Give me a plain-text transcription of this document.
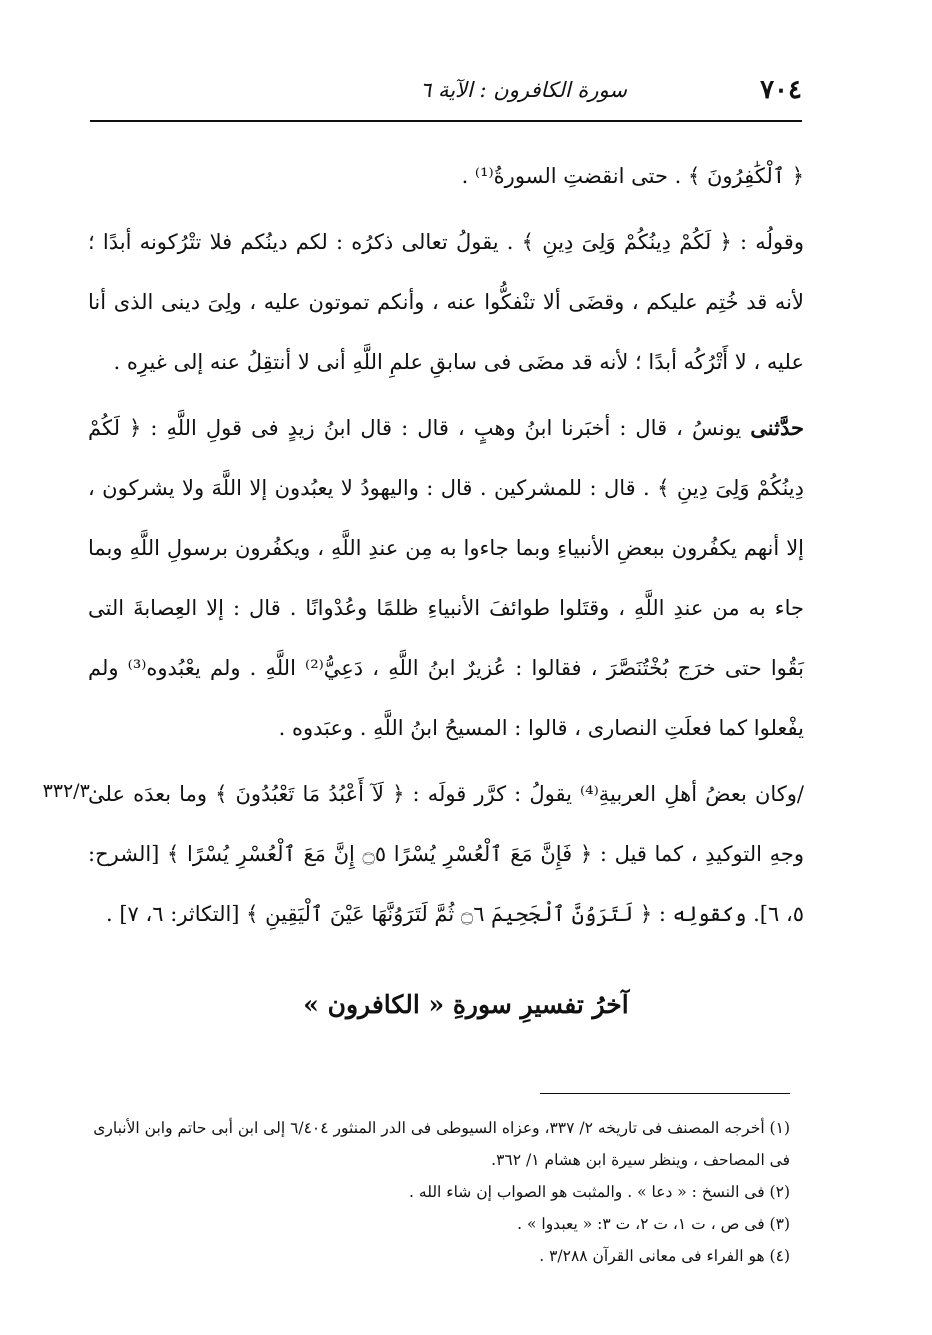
٧٠٤
سورة الكافرون : الآية ٦

﴿ ٱلْكَٰفِرُونَ ﴾ . حتى انقضتِ السورةُ⁽¹⁾ .

وقولُه : ﴿ لَكُمْ دِينُكُمْ وَلِىَ دِينِ ﴾ . يقولُ تعالى ذكرُه : لكم دينُكم فلا تتْرُكونه أبدًا ؛ لأنه قد خُتِم عليكم ، وقضَى ألا تنْفكُّوا عنه ، وأنكم تموتون عليه ، ولِىَ دينى الذى أنا عليه ، لا أَتْرُكُه أبدًا ؛ لأنه قد مضَى فى سابقِ علمِ اللَّهِ أنى لا أنتقِلُ عنه إلى غيرِه .

حدَّثنى يونسُ ، قال : أخبَرنا ابنُ وهبٍ ، قال : قال ابنُ زيدٍ فى قولِ اللَّهِ : ﴿ لَكُمْ دِينُكُمْ وَلِىَ دِينِ ﴾ . قال : للمشركين . قال : واليهودُ لا يعبُدون إلا اللَّهَ ولا يشركون ، إلا أنهم يكفُرون ببعضِ الأنبياءِ وبما جاءوا به مِن عندِ اللَّهِ ، ويكفُرون برسولِ اللَّهِ وبما جاء به من عندِ اللَّهِ ، وقتَلوا طوائفَ الأنبياءِ ظلمًا وعُدْوانًا . قال : إلا العِصابةَ التى بَقُوا حتى خرَج بُخْتُنَصَّرَ ، فقالوا : عُزيرٌ ابنُ اللَّهِ ، دَعِيُّ⁽²⁾ اللَّهِ . ولم يعْبُدوه⁽³⁾ ولم يفْعلوا كما فعلَتِ النصارى ، قالوا : المسيحُ ابنُ اللَّهِ . وعبَدوه .

/وكان بعضُ أهلِ العربيةِ⁽⁴⁾ يقولُ : كرَّر قولَه : ﴿ لَآ أَعْبُدُ مَا تَعْبُدُونَ ﴾ وما بعدَه على وجهِ التوكيدِ ، كما قيل : ﴿ فَإِنَّ مَعَ ٱلْعُسْرِ يُسْرًا ۝٥ إِنَّ مَعَ ٱلْعُسْرِ يُسْرًا ﴾ [الشرح: ٥، ٦]. وكقولِه : ﴿ لَتَرَوُنَّ ٱلْجَحِيمَ ۝٦ ثُمَّ لَتَرَوُنَّهَا عَيْنَ ٱلْيَقِينِ ﴾ [التكاثر: ٦، ٧] .

٣٣٢/٣٠
آخرُ تفسيرِ سورةِ « الكافرون »
(١) أخرجه المصنف فى تاريخه ٢/ ٣٣٧، وعزاه السيوطى فى الدر المنثور ٦/٤٠٤ إلى ابن أبى حاتم وابن الأنبارى فى المصاحف ، وينظر سيرة ابن هشام ١/ ٣٦٢.
(٢) فى النسخ : « دعا » . والمثبت هو الصواب إن شاء الله .
(٣) فى ص ، ت ١، ت ٢، ت ٣: « يعبدوا » .
(٤) هو الفراء فى معانى القرآن ٣/٢٨٨ .
